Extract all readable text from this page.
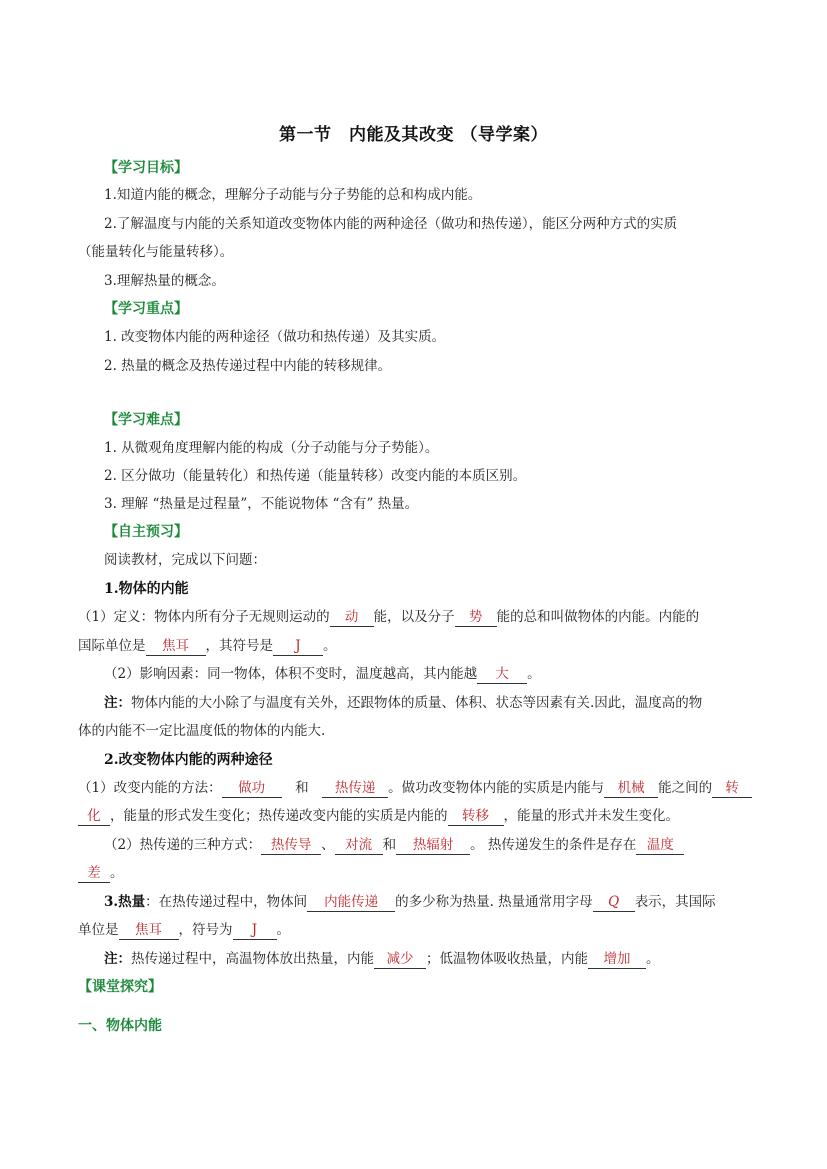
第一节　内能及其改变 （导学案）
【学习目标】
1.知道内能的概念，理解分子动能与分子势能的总和构成内能。
2.了解温度与内能的关系知道改变物体内能的两种途径（做功和热传递），能区分两种方式的实质
（能量转化与能量转移）。
3.理解热量的概念。
【学习重点】
1. 改变物体内能的两种途径（做功和热传递）及其实质。
2. 热量的概念及热传递过程中内能的转移规律。
【学习难点】
1. 从微观角度理解内能的构成（分子动能与分子势能）。
2. 区分做功（能量转化）和热传递（能量转移）改变内能的本质区别。
3. 理解 “热量是过程量”，不能说物体 “含有” 热量。
【自主预习】
阅读教材，完成以下问题：
1.物体的内能
（1）定义：物体内所有分子无规则运动的 动 能，以及分子 势 能的总和叫做物体的内能。内能的
国际单位是 焦耳 ，其符号是 J 。
（2）影响因素：同一物体，体积不变时，温度越高，其内能越 大 。
注：物体内能的大小除了与温度有关外，还跟物体的质量、体积、状态等因素有关.因此，温度高的物
体的内能不一定比温度低的物体的内能大.
2.改变物体内能的两种途径
（1）改变内能的方法： 做功　 和　 热传递 。做功改变物体内能的实质是内能与 机械 能之间的 转
化 ，能量的形式发生变化；热传递改变内能的实质是内能的 转移 ，能量的形式并未发生变化。
（2）热传递的三种方式： 热传导 、 对流 和 热辐射 。 热传递发生的条件是存在 温度
差 。
3.热量：在热传递过程中，物体间 内能传递 的多少称为热量. 热量通常用字母 Q 表示，其国际
单位是 焦耳 ，符号为 J 。
注：热传递过程中，高温物体放出热量，内能 减少 ；低温物体吸收热量，内能 增加 。
【课堂探究】
一、物体内能
